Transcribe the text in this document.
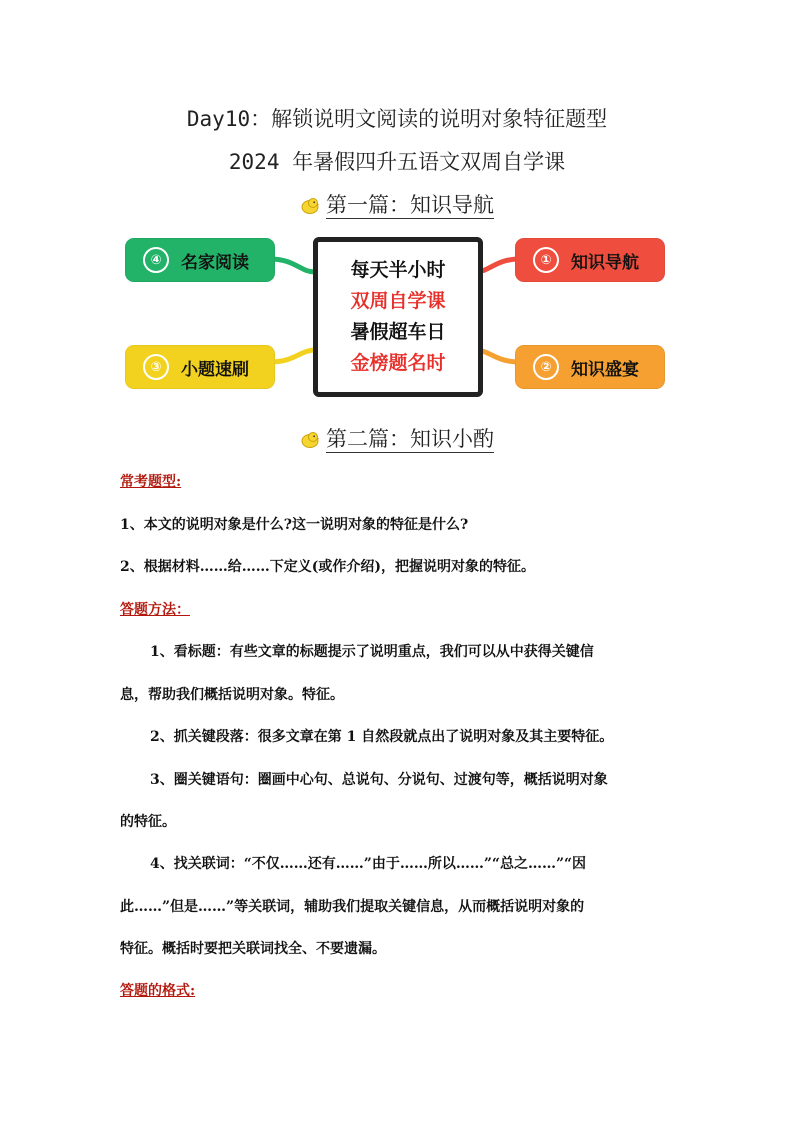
Day10：解锁说明文阅读的说明对象特征题型
2024 年暑假四升五语文双周自学课
第一篇：知识导航
④	名家阅读
③	小题速刷
①	知识导航
②	知识盛宴
每天半小时
双周自学课
暑假超车日
金榜题名时
第二篇：知识小酌
常考题型:
1、本文的说明对象是什么?这一说明对象的特征是什么?
2、根据材料……给……下定义(或作介绍)，把握说明对象的特征。
答题方法：
1、看标题：有些文章的标题提示了说明重点，我们可以从中获得关键信
息，帮助我们概括说明对象。特征。
2、抓关键段落：很多文章在第 1 自然段就点出了说明对象及其主要特征。
3、圈关键语句：圈画中心句、总说句、分说句、过渡句等，概括说明对象
的特征。
4、找关联词：“不仅……还有……”由于……所以……”“总之……”“因
此……”但是……”等关联词，辅助我们提取关键信息，从而概括说明对象的
特征。概括时要把关联词找全、不要遗漏。
答题的格式:
